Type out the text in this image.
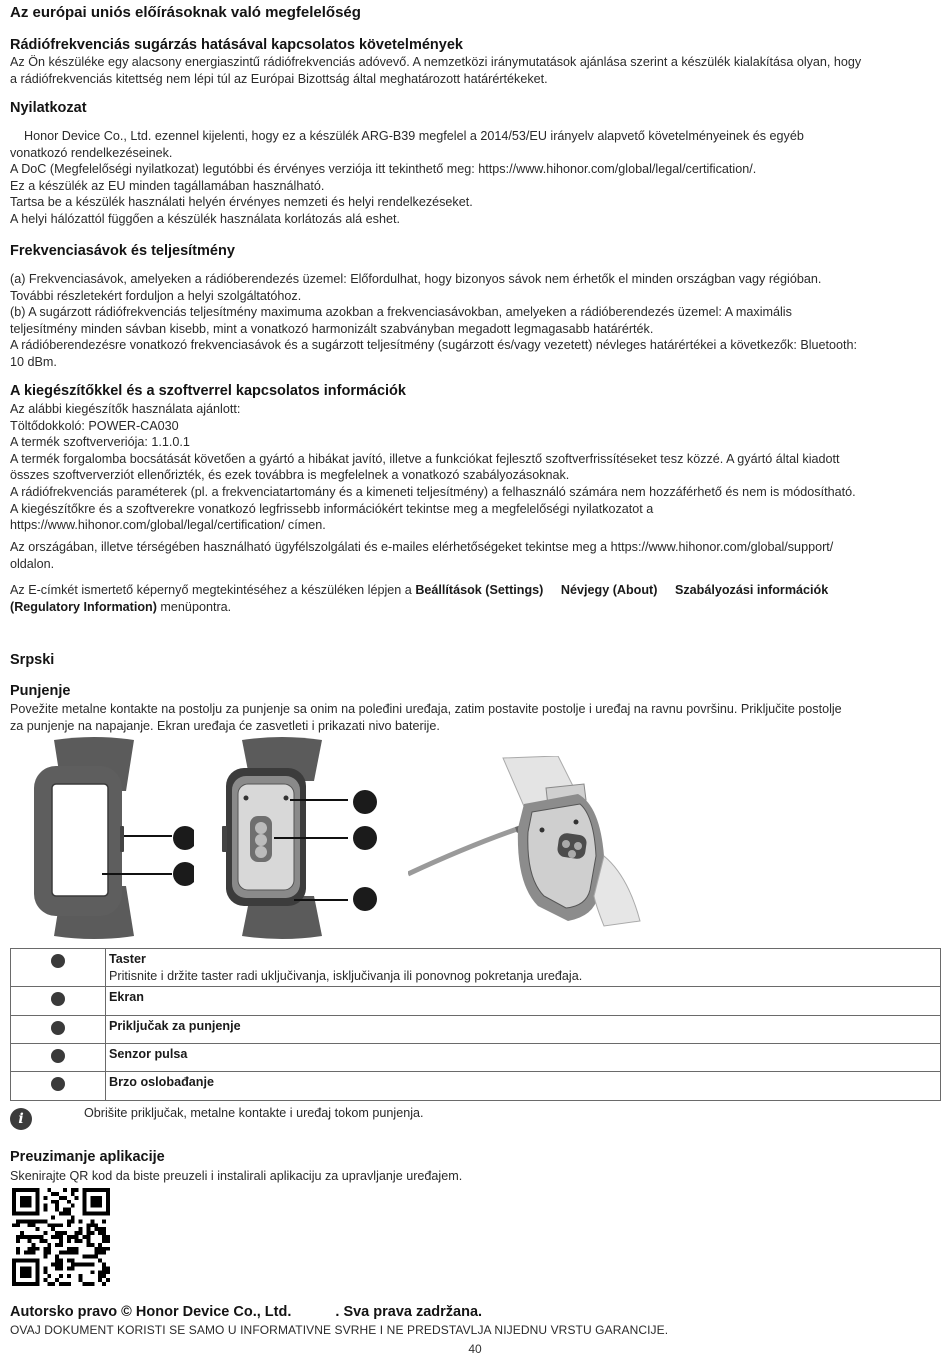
Az európai uniós előírásoknak való megfelelőség
Rádiófrekvenciás sugárzás hatásával kapcsolatos követelmények
Az Ön készüléke egy alacsony energiaszintű rádiófrekvenciás adóvevő. A nemzetközi iránymutatások ajánlása szerint a készülék kialakítása olyan, hogy
a rádiófrekvenciás kitettség nem lépi túl az Európai Bizottság által meghatározott határértékeket.
Nyilatkozat
Honor Device Co., Ltd. ezennel kijelenti, hogy ez a készülék ARG-B39 megfelel a 2014/53/EU irányelv alapvető követelményeinek és egyéb
vonatkozó rendelkezéseinek.
A DoC (Megfelelőségi nyilatkozat) legutóbbi és érvényes verziója itt tekinthető meg: https://www.hihonor.com/global/legal/certification/.
Ez a készülék az EU minden tagállamában használható.
Tartsa be a készülék használati helyén érvényes nemzeti és helyi rendelkezéseket.
A helyi hálózattól függően a készülék használata korlátozás alá eshet.
Frekvenciasávok és teljesítmény
(a) Frekvenciasávok, amelyeken a rádióberendezés üzemel: Előfordulhat, hogy bizonyos sávok nem érhetők el minden országban vagy régióban.
További részletekért forduljon a helyi szolgáltatóhoz.
(b) A sugárzott rádiófrekvenciás teljesítmény maximuma azokban a frekvenciasávokban, amelyeken a rádióberendezés üzemel: A maximális
teljesítmény minden sávban kisebb, mint a vonatkozó harmonizált szabványban megadott legmagasabb határérték.
A rádióberendezésre vonatkozó frekvenciasávok és a sugárzott teljesítmény (sugárzott és/vagy vezetett) névleges határértékei a következők: Bluetooth:
10 dBm.
A kiegészítőkkel és a szoftverrel kapcsolatos információk
Az alábbi kiegészítők használata ajánlott:
Töltődokkoló: POWER-CA030
A termék szoftververiója: 1.1.0.1
A termék forgalomba bocsátását követően a gyártó a hibákat javító, illetve a funkciókat fejlesztő szoftverfrissítéseket tesz közzé. A gyártó által kiadott
összes szoftververziót ellenőrizték, és ezek továbbra is megfelelnek a vonatkozó szabályozásoknak.
A rádiófrekvenciás paraméterek (pl. a frekvenciatartomány és a kimeneti teljesítmény) a felhasználó számára nem hozzáférhető és nem is módosítható.
A kiegészítőkre és a szoftverekre vonatkozó legfrissebb információkért tekintse meg a megfelelőségi nyilatkozatot a
https://www.hihonor.com/global/legal/certification/ címen.
Az országában, illetve térségében használható ügyfélszolgálati és e-mailes elérhetőségeket tekintse meg a https://www.hihonor.com/global/support/
oldalon.
Az E-címkét ismertető képernyő megtekintéséhez a készüléken lépjen a Beállítások (Settings) Névjegy (About) Szabályozási információk
(Regulatory Information) menüpontra.
Srpski
Punjenje
Povežite metalne kontakte na postolju za punjenje sa onim na poleđini uređaja, zatim postavite postolje i uređaj na ravnu površinu. Priključite postolje
za punjenje na napajanje. Ekran uređaja će zasvetleti i prikazati nivo baterije.
Taster
Pritisnite i držite taster radi uključivanja, isključivanja ili ponovnog pokretanja uređaja.
Ekran
Priključak za punjenje
Senzor pulsa
Brzo oslobađanje
i	Obrišite priključak, metalne kontakte i uređaj tokom punjenja.
Preuzimanje aplikacije
Skenirajte QR kod da biste preuzeli i instalirali aplikaciju za upravljanje uređajem.
Autorsko pravo © Honor Device Co., Ltd.	. Sva prava zadržana.
OVAJ DOKUMENT KORISTI SE SAMO U INFORMATIVNE SVRHE I NE PREDSTAVLJA NIJEDNU VRSTU GARANCIJE.
40
